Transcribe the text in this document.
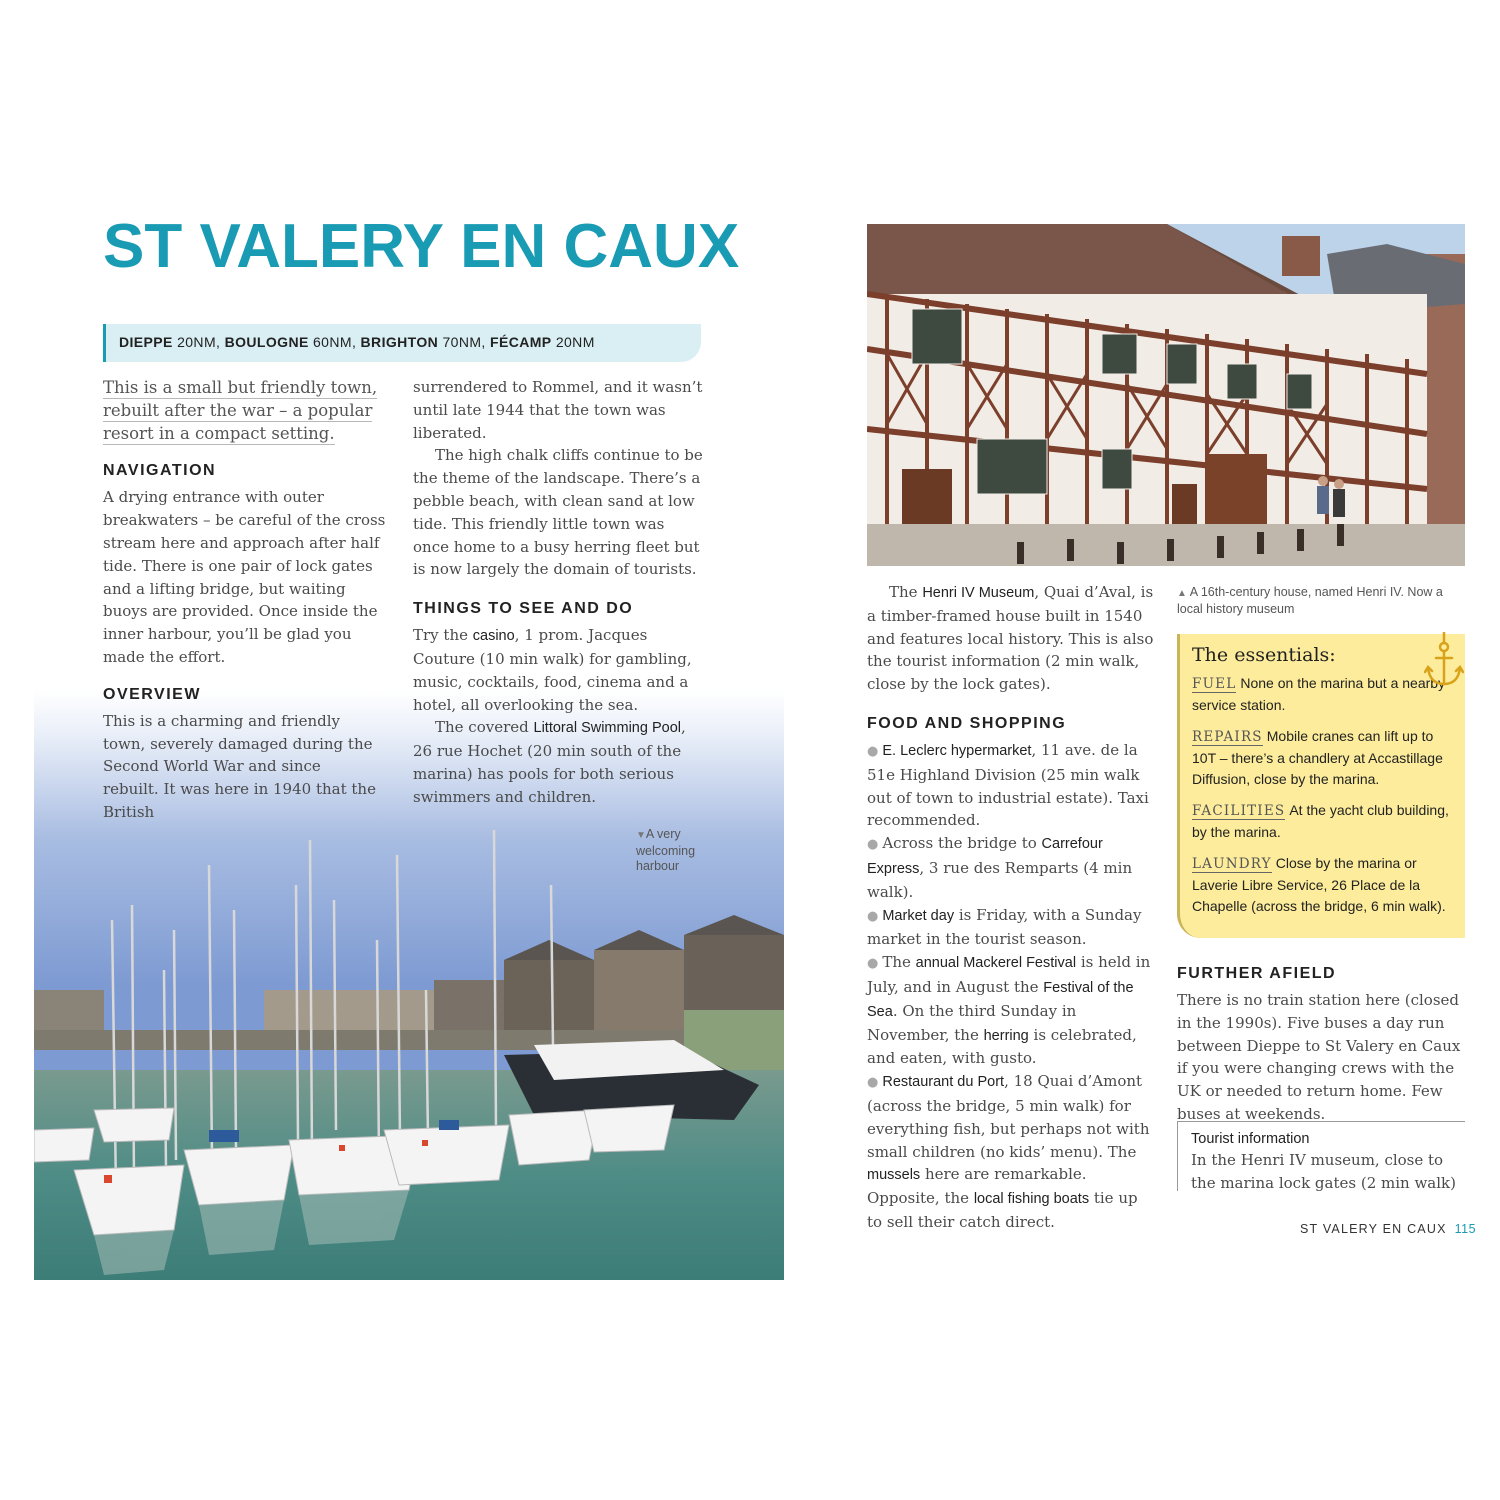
ST VALERY EN CAUX
DIEPPE 20NM, BOULOGNE 60NM, BRIGHTON 70NM, FÉCAMP 20NM
This is a small but friendly town,
rebuilt after the war – a popular
resort in a compact setting.
NAVIGATION

A drying entrance with outer breakwaters – be careful of the cross stream here and approach after half tide. There is one pair of lock gates and a lifting bridge, but waiting buoys are provided. Once inside the inner harbour, you’ll be glad you made the effort.

OVERVIEW

This is a charming and friendly town, severely damaged during the Second World War and since rebuilt. It was here in 1940 that the British

surrendered to Rommel, and it wasn’t until late 1944 that the town was liberated.

The high chalk cliffs continue to be the theme of the landscape. There’s a pebble beach, with clean sand at low tide. This friendly little town was once home to a busy herring fleet but is now largely the domain of tourists.

THINGS TO SEE AND DO

Try the casino, 1 prom. Jacques Couture (10 min walk) for gambling, music, cocktails, food, cinema and a hotel, all overlooking the sea.

The covered Littoral Swimming Pool, 26 rue Hochet (20 min south of the marina) has pools for both serious swimmers and children.

▼A very
welcoming
harbour
▲ A 16th-century house, named Henri IV. Now a local history museum

The Henri IV Museum, Quai d’Aval, is a timber-framed house built in 1540 and features local history. This is also the tourist information (2 min walk, close by the lock gates).

FOOD AND SHOPPING

● E. Leclerc hypermarket, 11 ave. de la 51e Highland Division (25 min walk out of town to industrial estate). Taxi recommended.

● Across the bridge to Carrefour Express, 3 rue des Remparts (4 min walk).

● Market day is Friday, with a Sunday market in the tourist season.

● The annual Mackerel Festival is held in July, and in August the Festival of the Sea. On the third Sunday in November, the herring is celebrated, and eaten, with gusto.

● Restaurant du Port, 18 Quai d’Amont (across the bridge, 5 min walk) for everything fish, but perhaps not with small children (no kids’ menu). The mussels here are remarkable. Opposite, the local fishing boats tie up to sell their catch direct.

The essentials:
FUEL None on the marina but a nearby service station.
REPAIRS Mobile cranes can lift up to 10T – there’s a chandlery at Accastillage Diffusion, close by the marina.
FACILITIES At the yacht club building, by the marina.
LAUNDRY Close by the marina or Laverie Libre Service, 26 Place de la Chapelle (across the bridge, 6 min walk).
FURTHER AFIELD

There is no train station here (closed in the 1990s). Five buses a day run between Dieppe to St Valery en Caux if you were changing crews with the UK or needed to return home. Few buses at weekends.

Tourist information
In the Henri IV museum, close to the marina lock gates (2 min walk)
ST VALERY EN CAUX 115
